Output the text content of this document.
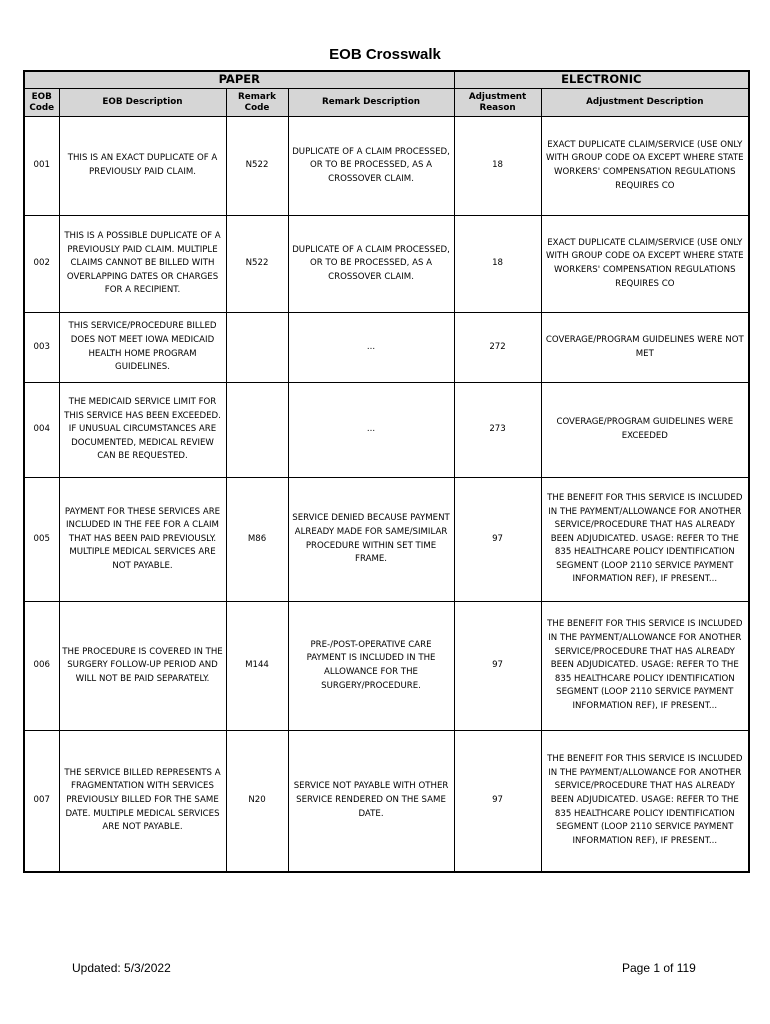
EOB Crosswalk
PAPER				ELECTRONIC	
EOB Code	EOB Description	Remark Code	Remark Description	Adjustment Reason	Adjustment Description
001	THIS IS AN EXACT DUPLICATE OF A PREVIOUSLY PAID CLAIM.	N522	DUPLICATE OF A CLAIM PROCESSED, OR TO BE PROCESSED, AS A CROSSOVER CLAIM.	18	EXACT DUPLICATE CLAIM/SERVICE (USE ONLY WITH GROUP CODE OA EXCEPT WHERE STATE WORKERS' COMPENSATION REGULATIONS REQUIRES CO
002	THIS IS A POSSIBLE DUPLICATE OF A PREVIOUSLY PAID CLAIM. MULTIPLE CLAIMS CANNOT BE BILLED WITH OVERLAPPING DATES OR CHARGES FOR A RECIPIENT.	N522	DUPLICATE OF A CLAIM PROCESSED, OR TO BE PROCESSED, AS A CROSSOVER CLAIM.	18	EXACT DUPLICATE CLAIM/SERVICE (USE ONLY WITH GROUP CODE OA EXCEPT WHERE STATE WORKERS' COMPENSATION REGULATIONS REQUIRES CO
003	THIS SERVICE/PROCEDURE BILLED DOES NOT MEET IOWA MEDICAID HEALTH HOME PROGRAM GUIDELINES.		...	272	COVERAGE/PROGRAM GUIDELINES WERE NOT MET
004	THE MEDICAID SERVICE LIMIT FOR THIS SERVICE HAS BEEN EXCEEDED. IF UNUSUAL CIRCUMSTANCES ARE DOCUMENTED, MEDICAL REVIEW CAN BE REQUESTED.		...	273	COVERAGE/PROGRAM GUIDELINES WERE EXCEEDED
005	PAYMENT FOR THESE SERVICES ARE INCLUDED IN THE FEE FOR A CLAIM THAT HAS BEEN PAID PREVIOUSLY. MULTIPLE MEDICAL SERVICES ARE NOT PAYABLE.	M86	SERVICE DENIED BECAUSE PAYMENT ALREADY MADE FOR SAME/SIMILAR PROCEDURE WITHIN SET TIME FRAME.	97	THE BENEFIT FOR THIS SERVICE IS INCLUDED IN THE PAYMENT/ALLOWANCE FOR ANOTHER SERVICE/PROCEDURE THAT HAS ALREADY BEEN ADJUDICATED. USAGE: REFER TO THE 835 HEALTHCARE POLICY IDENTIFICATION SEGMENT (LOOP 2110 SERVICE PAYMENT INFORMATION REF), IF PRESENT...
006	THE PROCEDURE IS COVERED IN THE SURGERY FOLLOW-UP PERIOD AND WILL NOT BE PAID SEPARATELY.	M144	PRE-/POST-OPERATIVE CARE PAYMENT IS INCLUDED IN THE ALLOWANCE FOR THE SURGERY/PROCEDURE.	97	THE BENEFIT FOR THIS SERVICE IS INCLUDED IN THE PAYMENT/ALLOWANCE FOR ANOTHER SERVICE/PROCEDURE THAT HAS ALREADY BEEN ADJUDICATED. USAGE: REFER TO THE 835 HEALTHCARE POLICY IDENTIFICATION SEGMENT (LOOP 2110 SERVICE PAYMENT INFORMATION REF), IF PRESENT...
007	THE SERVICE BILLED REPRESENTS A FRAGMENTATION WITH SERVICES PREVIOUSLY BILLED FOR THE SAME DATE. MULTIPLE MEDICAL SERVICES ARE NOT PAYABLE.	N20	SERVICE NOT PAYABLE WITH OTHER SERVICE RENDERED ON THE SAME DATE.	97	THE BENEFIT FOR THIS SERVICE IS INCLUDED IN THE PAYMENT/ALLOWANCE FOR ANOTHER SERVICE/PROCEDURE THAT HAS ALREADY BEEN ADJUDICATED. USAGE: REFER TO THE 835 HEALTHCARE POLICY IDENTIFICATION SEGMENT (LOOP 2110 SERVICE PAYMENT INFORMATION REF), IF PRESENT...
Updated: 5/3/2022	Page 1 of 119
